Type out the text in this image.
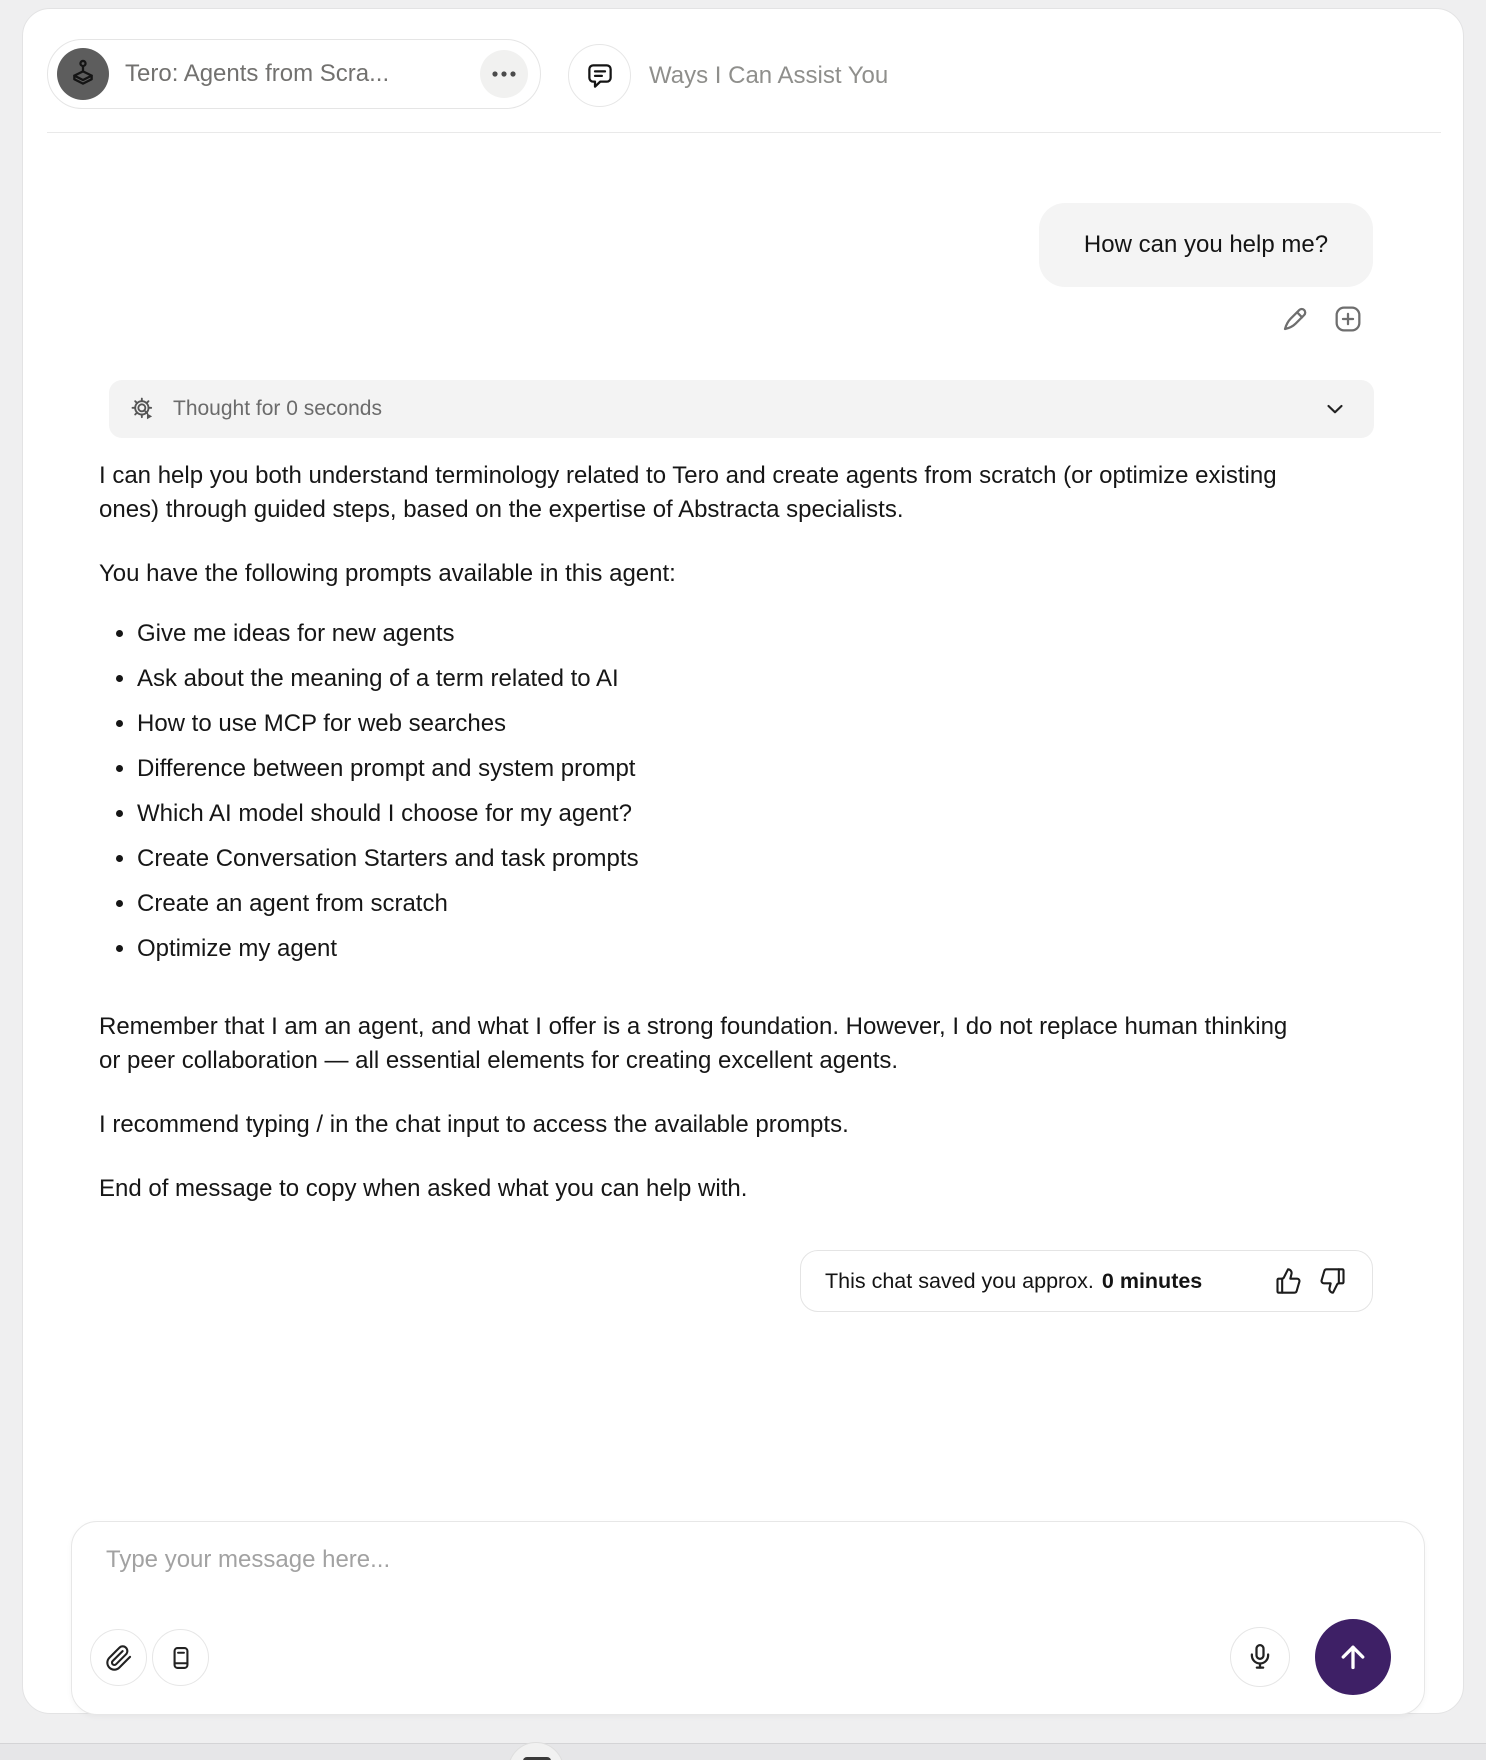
Tero: Agents from Scra...	Ways I Can Assist You
How can you help me?
Thought for 0 seconds

I can help you both understand terminology related to Tero and create agents from scratch (or optimize existing ones) through guided steps, based on the expertise of Abstracta specialists.

You have the following prompts available in this agent:

• Give me ideas for new agents
• Ask about the meaning of a term related to AI
• How to use MCP for web searches
• Difference between prompt and system prompt
• Which AI model should I choose for my agent?
• Create Conversation Starters and task prompts
• Create an agent from scratch
• Optimize my agent

Remember that I am an agent, and what I offer is a strong foundation. However, I do not replace human thinking or peer collaboration — all essential elements for creating excellent agents.

I recommend typing / in the chat input to access the available prompts.

End of message to copy when asked what you can help with.

This chat saved you approx. 0 minutes
Type your message here...
